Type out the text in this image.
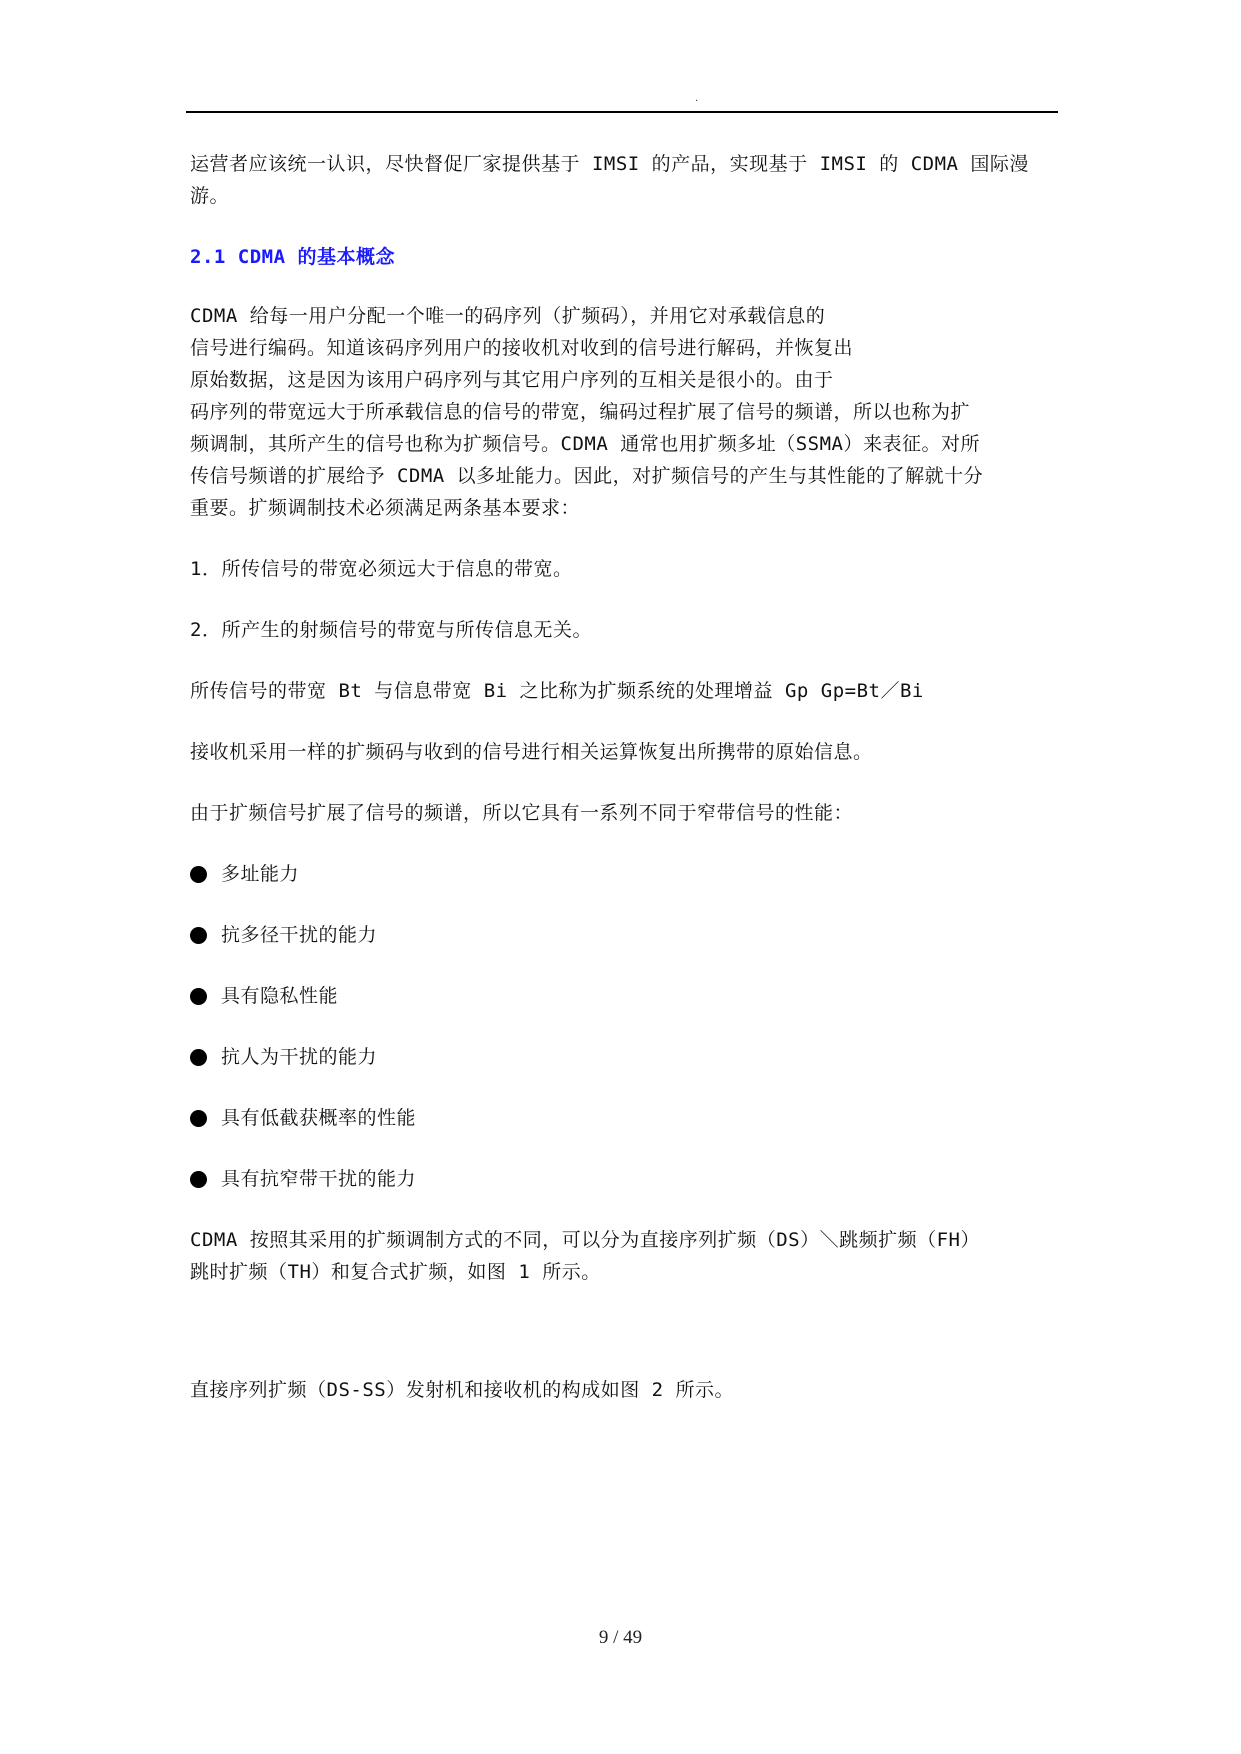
.

运营者应该统一认识，尽快督促厂家提供基于 IMSI 的产品，实现基于 IMSI 的 CDMA 国际漫
游。

2.1 CDMA 的基本概念

CDMA 给每一用户分配一个唯一的码序列（扩频码），并用它对承载信息的
信号进行编码。知道该码序列用户的接收机对收到的信号进行解码，并恢复出
原始数据，这是因为该用户码序列与其它用户序列的互相关是很小的。由于
码序列的带宽远大于所承载信息的信号的带宽，编码过程扩展了信号的频谱，所以也称为扩
频调制，其所产生的信号也称为扩频信号。CDMA 通常也用扩频多址（SSMA）来表征。对所
传信号频谱的扩展给予 CDMA 以多址能力。因此，对扩频信号的产生与其性能的了解就十分
重要。扩频调制技术必须满足两条基本要求：

1．所传信号的带宽必须远大于信息的带宽。

2．所产生的射频信号的带宽与所传信息无关。

所传信号的带宽 Bt 与信息带宽 Bi 之比称为扩频系统的处理增益 Gp Gp=Bt／Bi

接收机采用一样的扩频码与收到的信号进行相关运算恢复出所携带的原始信息。

由于扩频信号扩展了信号的频谱，所以它具有一系列不同于窄带信号的性能：

多址能力
抗多径干扰的能力
具有隐私性能
抗人为干扰的能力
具有低截获概率的性能
具有抗窄带干扰的能力

CDMA 按照其采用的扩频调制方式的不同，可以分为直接序列扩频（DS）＼跳频扩频（FH）
跳时扩频（TH）和复合式扩频，如图 1 所示。

直接序列扩频（DS-SS）发射机和接收机的构成如图 2 所示。

9 / 49
